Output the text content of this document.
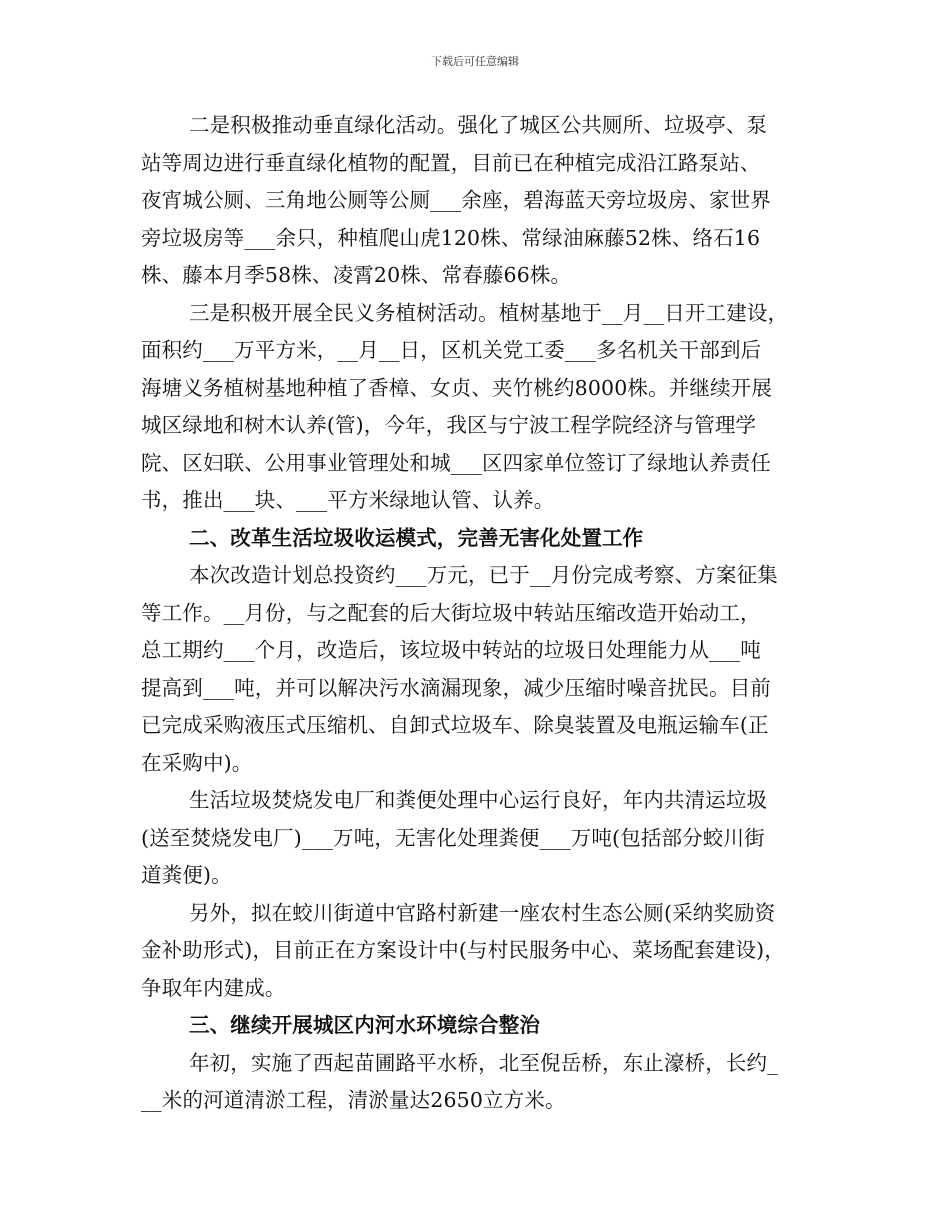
下载后可任意编辑
二是积极推动垂直绿化活动。强化了城区公共厕所、垃圾亭、泵
站等周边进行垂直绿化植物的配置，目前已在种植完成沿江路泵站、
夜宵城公厕、三角地公厕等公厕___余座，碧海蓝天旁垃圾房、家世界
旁垃圾房等___余只，种植爬山虎120株、常绿油麻藤52株、络石16
株、藤本月季58株、凌霄20株、常春藤66株。
三是积极开展全民义务植树活动。植树基地于__月__日开工建设，
面积约___万平方米，__月__日，区机关党工委___多名机关干部到后
海塘义务植树基地种植了香樟、女贞、夹竹桃约8000株。并继续开展
城区绿地和树木认养(管)，今年，我区与宁波工程学院经济与管理学
院、区妇联、公用事业管理处和城___区四家单位签订了绿地认养责任
书，推出___块、___平方米绿地认管、认养。
二、改革生活垃圾收运模式，完善无害化处置工作
本次改造计划总投资约___万元，已于__月份完成考察、方案征集
等工作。__月份，与之配套的后大街垃圾中转站压缩改造开始动工，
总工期约___个月，改造后，该垃圾中转站的垃圾日处理能力从___吨
提高到___吨，并可以解决污水滴漏现象，减少压缩时噪音扰民。目前
已完成采购液压式压缩机、自卸式垃圾车、除臭装置及电瓶运输车(正
在采购中)。
生活垃圾焚烧发电厂和粪便处理中心运行良好，年内共清运垃圾
(送至焚烧发电厂)___万吨，无害化处理粪便___万吨(包括部分蛟川街
道粪便)。
另外，拟在蛟川街道中官路村新建一座农村生态公厕(采纳奖励资
金补助形式)，目前正在方案设计中(与村民服务中心、菜场配套建设)，
争取年内建成。
三、继续开展城区内河水环境综合整治
年初，实施了西起苗圃路平水桥，北至倪岳桥，东止濠桥，长约_
__米的河道清淤工程，清淤量达2650立方米。
